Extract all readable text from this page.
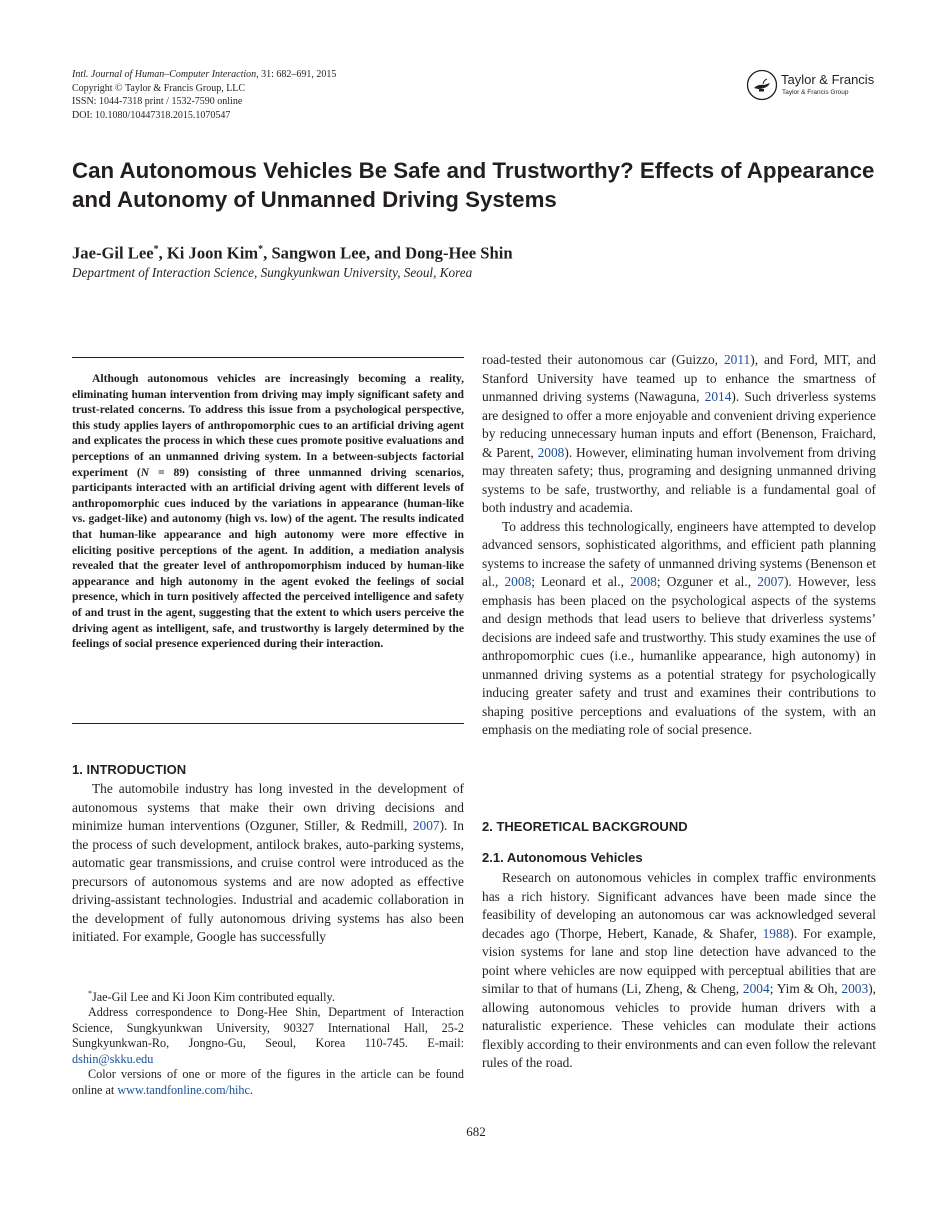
Intl. Journal of Human–Computer Interaction, 31: 682–691, 2015
Copyright © Taylor & Francis Group, LLC
ISSN: 1044-7318 print / 1532-7590 online
DOI: 10.1080/10447318.2015.1070547
Taylor & Francis
Taylor & Francis Group
Can Autonomous Vehicles Be Safe and Trustworthy? Effects of Appearance and Autonomy of Unmanned Driving Systems
Jae-Gil Lee*, Ki Joon Kim*, Sangwon Lee, and Dong-Hee Shin
Department of Interaction Science, Sungkyunkwan University, Seoul, Korea

Although autonomous vehicles are increasingly becoming a reality, eliminating human intervention from driving may imply significant safety and trust-related concerns. To address this issue from a psychological perspective, this study applies layers of anthropomorphic cues to an artificial driving agent and explicates the process in which these cues promote positive evaluations and perceptions of an unmanned driving system. In a between-subjects factorial experiment (N = 89) consisting of three unmanned driving scenarios, participants interacted with an artificial driving agent with different levels of anthropomorphic cues induced by the variations in appearance (human-like vs. gadget-like) and autonomy (high vs. low) of the agent. The results indicated that human-like appearance and high autonomy were more effective in eliciting positive perceptions of the agent. In addition, a mediation analysis revealed that the greater level of anthropomorphism induced by human-like appearance and high autonomy in the agent evoked the feelings of social presence, which in turn positively affected the perceived intelligence and safety of and trust in the agent, suggesting that the extent to which users perceive the driving agent as intelligent, safe, and trustworthy is largely determined by the feelings of social presence experienced during their interaction.

1. INTRODUCTION

The automobile industry has long invested in the development of autonomous systems that make their own driving decisions and minimize human interventions (Ozguner, Stiller, & Redmill, 2007). In the process of such development, antilock brakes, auto-parking systems, automatic gear transmissions, and cruise control were introduced as the precursors of autonomous systems and are now adopted as effective driving-assistant technologies. Industrial and academic collaboration in the development of fully autonomous driving systems has also been initiated. For example, Google has successfully

road-tested their autonomous car (Guizzo, 2011), and Ford, MIT, and Stanford University have teamed up to enhance the smartness of unmanned driving systems (Nawaguna, 2014). Such driverless systems are designed to offer a more enjoyable and convenient driving experience by reducing unnecessary human inputs and effort (Benenson, Fraichard, & Parent, 2008). However, eliminating human involvement from driving may threaten safety; thus, programing and designing unmanned driving systems to be safe, trustworthy, and reliable is a fundamental goal of both industry and academia.

To address this technologically, engineers have attempted to develop advanced sensors, sophisticated algorithms, and efficient path planning systems to increase the safety of unmanned driving systems (Benenson et al., 2008; Leonard et al., 2008; Ozguner et al., 2007). However, less emphasis has been placed on the psychological aspects of the systems and design methods that lead users to believe that driverless systems’ decisions are indeed safe and trustworthy. This study examines the use of anthropomorphic cues (i.e., humanlike appearance, high autonomy) in unmanned driving systems as a potential strategy for psychologically inducing greater safety and trust and examines their contributions to shaping positive perceptions and evaluations of the system, with an emphasis on the mediating role of social presence.

2. THEORETICAL BACKGROUND
2.1. Autonomous Vehicles

Research on autonomous vehicles in complex traffic environments has a rich history. Significant advances have been made since the feasibility of developing an autonomous car was acknowledged several decades ago (Thorpe, Hebert, Kanade, & Shafer, 1988). For example, vision systems for lane and stop line detection have advanced to the point where vehicles are now equipped with perceptual abilities that are similar to that of humans (Li, Zheng, & Cheng, 2004; Yim & Oh, 2003), allowing autonomous vehicles to provide human drivers with a naturalistic experience. These vehicles can modulate their actions flexibly according to their environments and can even follow the relevant rules of the road.

*Jae-Gil Lee and Ki Joon Kim contributed equally.

Address correspondence to Dong-Hee Shin, Department of Interaction Science, Sungkyunkwan University, 90327 International Hall, 25-2 Sungkyunkwan-Ro, Jongno-Gu, Seoul, Korea 110-745. E-mail: dshin@skku.edu

Color versions of one or more of the figures in the article can be found online at www.tandfonline.com/hihc.

682
